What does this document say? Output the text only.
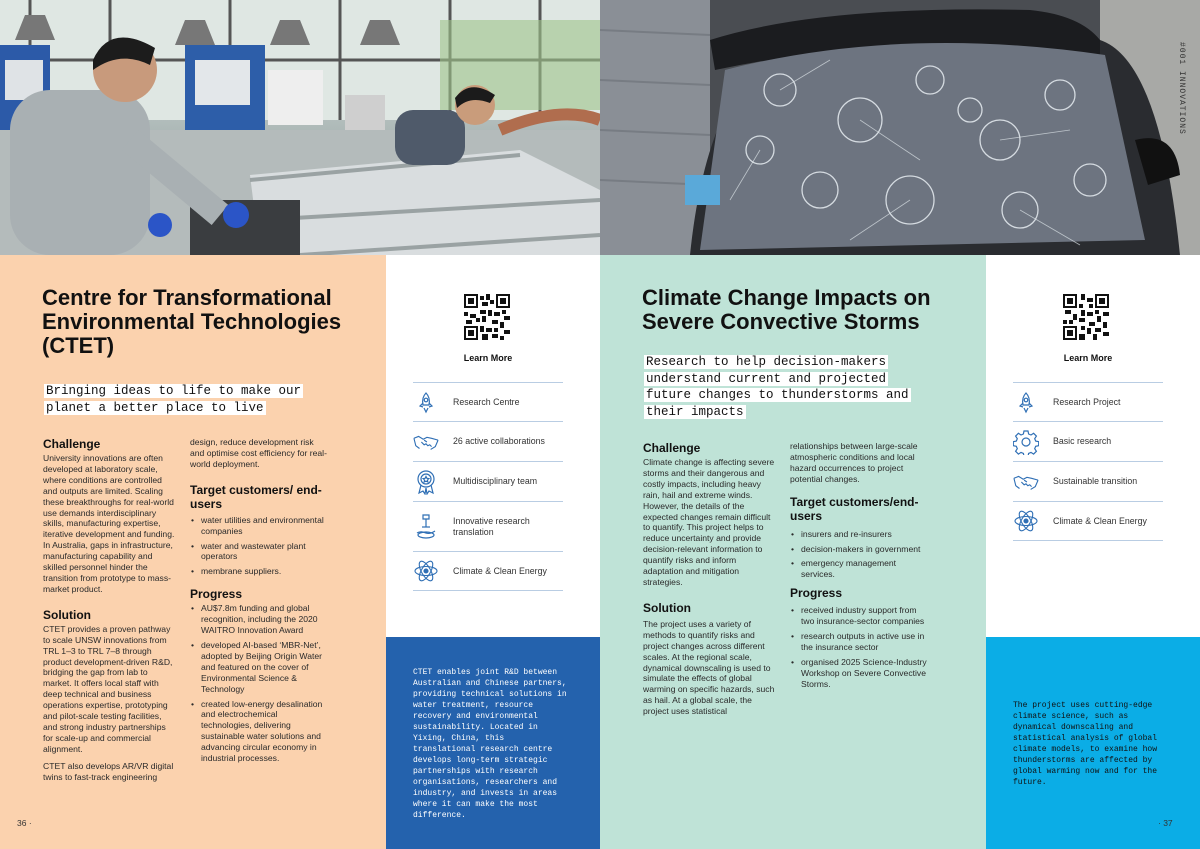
#001 INNOVATIONS
Centre for Transformational
Environmental Technologies
(CTET)
Bringing ideas to life to make our
planet a better place to live
Challenge

University innovations are often developed at laboratory scale, where conditions are controlled and outputs are limited. Scaling these breakthroughs for real-world use demands interdisciplinary skills, manufacturing expertise, iterative development and funding. In Australia, gaps in infrastructure, manufacturing capability and skilled personnel hinder the transition from prototype to mass-market product.

Solution

CTET provides a proven pathway to scale UNSW innovations from TRL 1–3 to TRL 7–8 through product development-driven R&D, bridging the gap from lab to market. It offers local staff with deep technical and business operations expertise, prototyping and pilot-scale testing facilities, and strong industry partnerships for scale-up and commercial alignment.

CTET also develops AR/VR digital twins to fast-track engineering

design, reduce development risk and optimise cost efficiency for real-world deployment.

Target customers/ end-users
• water utilities and environmental companies
• water and wastewater plant operators
• membrane suppliers.
Progress
• AU$7.8m funding and global recognition, including the 2020 WAITRO Innovation Award
• developed AI-based ‘MBR-Net’, adopted by Beijing Origin Water and featured on the cover of Environmental Science & Technology
• created low-energy desalination and electrochemical technologies, delivering sustainable water solutions and advancing circular economy in industrial processes.
36 ·
Learn More
Research Centre
26 active collaborations
Multidisciplinary team
Innovative research translation
Climate & Clean Energy

CTET enables joint R&D between Australian and Chinese partners, providing technical solutions in water treatment, resource recovery and environmental sustainability. Located in Yixing, China, this translational research centre develops long-term strategic partnerships with research organisations, researchers and industry, and invests in areas where it can make the most difference.

Climate Change Impacts on
Severe Convective Storms
Research to help decision-makers
understand current and projected
future changes to thunderstorms and
their impacts
Challenge

Climate change is affecting severe storms and their dangerous and costly impacts, including heavy rain, hail and extreme winds. However, the details of the expected changes remain difficult to quantify. This project helps to reduce uncertainty and provide decision-relevant information to quantify risks and inform adaptation and mitigation strategies.

Solution

The project uses a variety of methods to quantify risks and project changes across different scales. At the regional scale, dynamical downscaling is used to simulate the effects of global warming on specific hazards, such as hail. At a global scale, the project uses statistical

relationships between large-scale atmospheric conditions and local hazard occurrences to project potential changes.

Target customers/end-users
• insurers and re-insurers
• decision-makers in government
• emergency management services.
Progress
• received industry support from two insurance-sector companies
• research outputs in active use in the insurance sector
• organised 2025 Science-Industry Workshop on Severe Convective Storms.
· 37
Learn More
Research Project
Basic research
Sustainable transition
Climate & Clean Energy

The project uses cutting-edge climate science, such as dynamical downscaling and statistical analysis of global climate models, to examine how thunderstorms are affected by global warming now and for the future.
